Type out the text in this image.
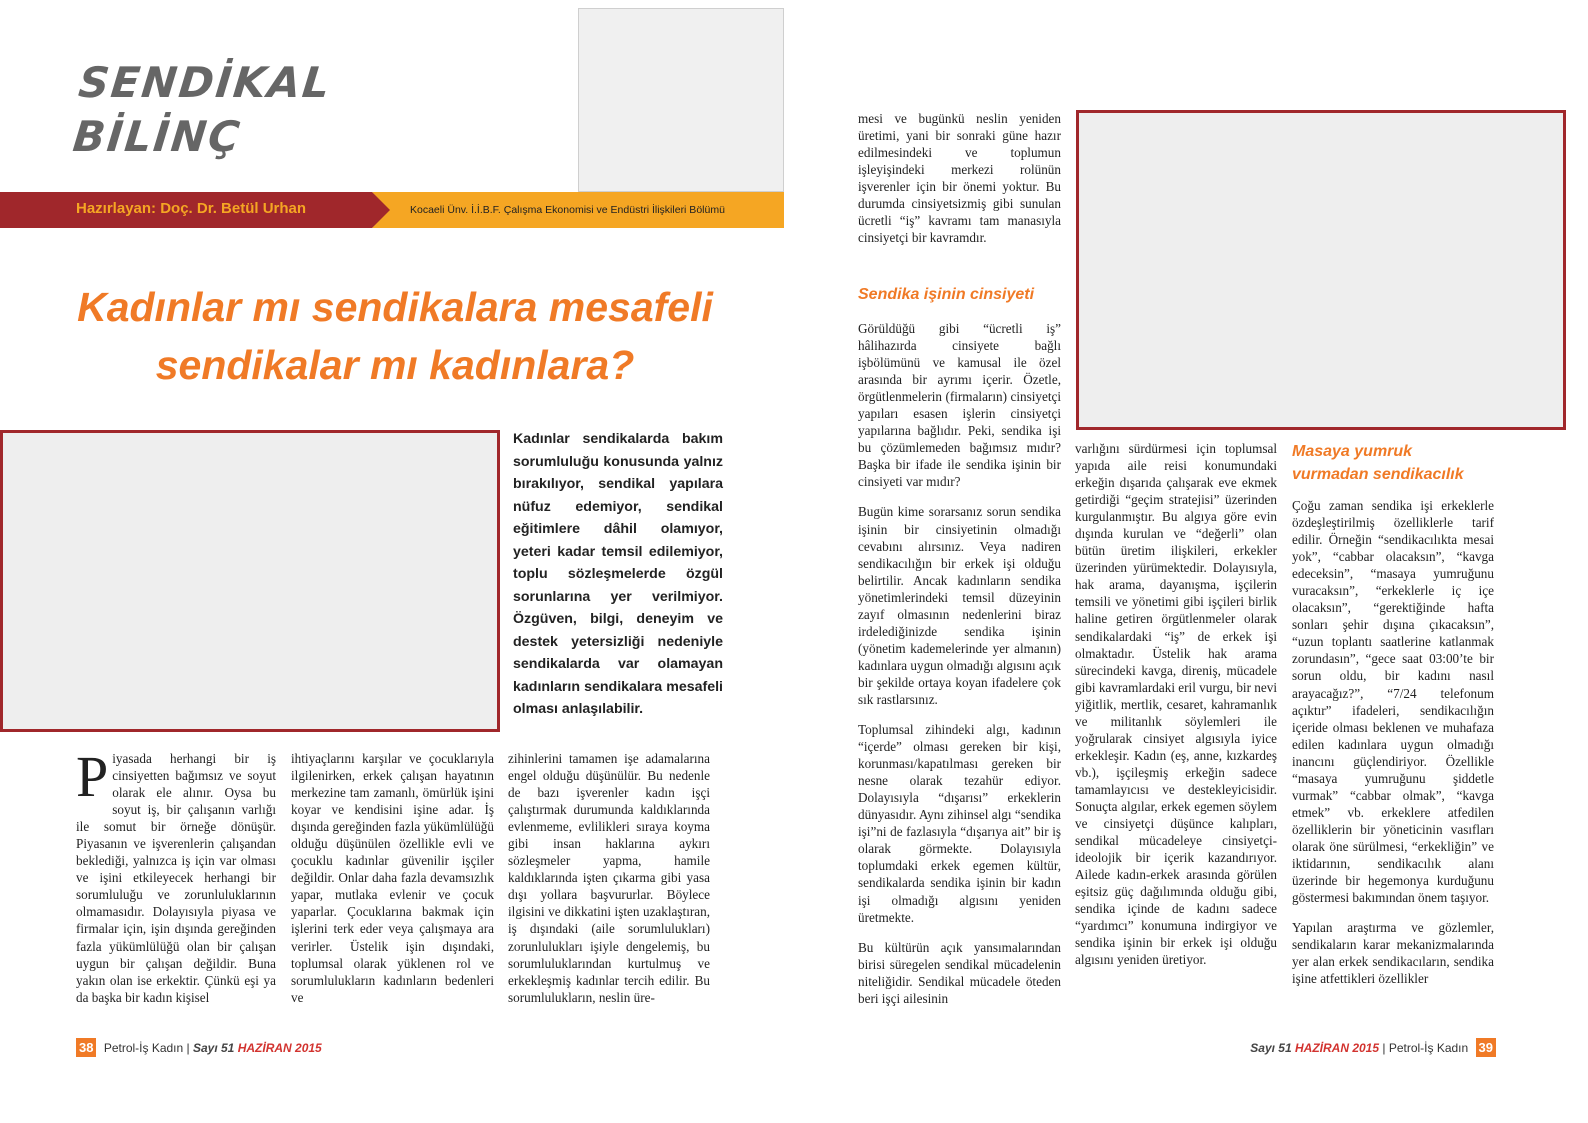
SENDİKAL
BİLİNÇ
Hazırlayan: Doç. Dr. Betül Urhan	Kocaeli Ünv. İ.İ.B.F. Çalışma Ekonomisi ve Endüstri İlişkileri Bölümü
Kadınlar mı sendikalara mesafeli
sendikalar mı kadınlara?
Kadınlar sendikalarda bakım sorumluluğu konusunda yalnız bırakılıyor, sendikal yapılara nüfuz edemiyor, sendikal eğitimlere dâhil olamıyor, yeteri kadar temsil edilemiyor, toplu sözleşmelerde özgül sorunlarına yer verilmiyor. Özgüven, bilgi, deneyim ve destek yetersizliği nedeniyle sendikalarda var olamayan kadınların sendikalara mesafeli olması anlaşılabilir.
Piyasada herhangi bir iş cinsiyetten bağımsız ve soyut olarak ele alınır. Oysa bu soyut iş, bir çalışanın varlığı ile somut bir örneğe dönüşür. Piyasanın ve işverenlerin çalışandan beklediği, yalnızca iş için var olması ve işini etkileyecek herhangi bir sorumluluğu ve zorunluluklarının olmamasıdır. Dolayısıyla piyasa ve firmalar için, işin dışında gereğinden fazla yükümlülüğü olan bir çalışan uygun bir çalışan değildir. Buna yakın olan ise erkektir. Çünkü eşi ya da başka bir kadın kişisel
ihtiyaçlarını karşılar ve çocuklarıyla ilgilenirken, erkek çalışan hayatının merkezine tam zamanlı, ömürlük işini koyar ve kendisini işine adar. İş dışında gereğinden fazla yükümlülüğü olduğu düşünülen özellikle evli ve çocuklu kadınlar güvenilir işçiler değildir. Onlar daha fazla devamsızlık yapar, mutlaka evlenir ve çocuk yaparlar. Çocuklarına bakmak için işlerini terk eder veya çalışmaya ara verirler. Üstelik işin dışındaki, toplumsal olarak yüklenen rol ve sorumlulukların kadınların bedenleri ve
zihinlerini tamamen işe adamalarına engel olduğu düşünülür. Bu nedenle de bazı işverenler kadın işçi çalıştırmak durumunda kaldıklarında evlenmeme, evlilikleri sıraya koyma gibi insan haklarına aykırı sözleşmeler yapma, hamile kaldıklarında işten çıkarma gibi yasa dışı yollara başvururlar. Böylece ilgisini ve dikkatini işten uzaklaştıran, iş dışındaki (aile sorumlulukları) zorunlulukları işiyle dengelemiş, bu sorumluluklarından kurtulmuş ve erkekleşmiş kadınlar tercih edilir. Bu sorumlulukların, neslin üre-
38 Petrol-İş Kadın | Sayı 51 HAZİRAN 2015

mesi ve bugünkü neslin yeniden üretimi, yani bir sonraki güne hazır edilmesindeki ve toplumun işleyişindeki merkezi rolünün işverenler için bir önemi yoktur. Bu durumda cinsiyetsizmiş gibi sunulan ücretli “iş” kavramı tam manasıyla cinsiyetçi bir kavramdır.

Sendika işinin cinsiyeti

Görüldüğü gibi “ücretli iş” hâlihazırda cinsiyete bağlı işbölümünü ve kamusal ile özel arasında bir ayrımı içerir. Özetle, örgütlenmelerin (firmaların) cinsiyetçi yapıları esasen işlerin cinsiyetçi yapılarına bağlıdır. Peki, sendika işi bu çözümlemeden bağımsız mıdır? Başka bir ifade ile sendika işinin bir cinsiyeti var mıdır?

Bugün kime sorarsanız sorun sendika işinin bir cinsiyetinin olmadığı cevabını alırsınız. Veya nadiren sendikacılığın bir erkek işi olduğu belirtilir. Ancak kadınların sendika yönetimlerindeki temsil düzeyinin zayıf olmasının nedenlerini biraz irdelediğinizde sendika işinin (yönetim kademelerinde yer almanın) kadınlara uygun olmadığı algısını açık bir şekilde ortaya koyan ifadelere çok sık rastlarsınız.

Toplumsal zihindeki algı, kadının “içerde” olması gereken bir kişi, korunması/kapatılması gereken bir nesne olarak tezahür ediyor. Dolayısıyla “dışarısı” erkeklerin dünyasıdır. Aynı zihinsel algı “sendika işi”ni de fazlasıyla “dışarıya ait” bir iş olarak görmekte. Dolayısıyla toplumdaki erkek egemen kültür, sendikalarda sendika işinin bir kadın işi olmadığı algısını yeniden üretmekte.

Bu kültürün açık yansımalarından birisi süregelen sendikal mücadelenin niteliğidir. Sendikal mücadele öteden beri işçi ailesinin

varlığını sürdürmesi için toplumsal yapıda aile reisi konumundaki erkeğin dışarıda çalışarak eve ekmek getirdiği “geçim stratejisi” üzerinden kurgulanmıştır. Bu algıya göre evin dışında kurulan ve “değerli” olan bütün üretim ilişkileri, erkekler üzerinden yürümektedir. Dolayısıyla, hak arama, dayanışma, işçilerin temsili ve yönetimi gibi işçileri birlik haline getiren örgütlenmeler olarak sendikalardaki “iş” de erkek işi olmaktadır. Üstelik hak arama sürecindeki kavga, direniş, mücadele gibi kavramlardaki eril vurgu, bir nevi yiğitlik, mertlik, cesaret, kahramanlık ve militanlık söylemleri ile yoğrularak cinsiyet algısıyla iyice erkekleşir. Kadın (eş, anne, kızkardeş vb.), işçileşmiş erkeğin sadece tamamlayıcısı ve destekleyicisidir. Sonuçta algılar, erkek egemen söylem ve cinsiyetçi düşünce kalıpları, sendikal mücadeleye cinsiyetçi-ideolojik bir içerik kazandırıyor. Ailede kadın-erkek arasında görülen eşitsiz güç dağılımında olduğu gibi, sendika içinde de kadını sadece “yardımcı” konumuna indirgiyor ve sendika işinin bir erkek işi olduğu algısını yeniden üretiyor.
Masaya yumruk
vurmadan sendikacılık

Çoğu zaman sendika işi erkeklerle özdeşleştirilmiş özelliklerle tarif edilir. Örneğin “sendikacılıkta mesai yok”, “cabbar olacaksın”, “kavga edeceksin”, “masaya yumruğunu vuracaksın”, “erkeklerle iç içe olacaksın”, “gerektiğinde hafta sonları şehir dışına çıkacaksın”, “uzun toplantı saatlerine katlanmak zorundasın”, “gece saat 03:00’te bir sorun oldu, bir kadını nasıl arayacağız?”, “7/24 telefonum açıktır” ifadeleri, sendikacılığın içeride olması beklenen ve muhafaza edilen kadınlara uygun olmadığı inancını güçlendiriyor. Özellikle “masaya yumruğunu şiddetle vurmak” “cabbar olmak”, “kavga etmek” vb. erkeklere atfedilen özelliklerin bir yöneticinin vasıfları olarak öne sürülmesi, “erkekliğin” ve iktidarının, sendikacılık alanı üzerinde bir hegemonya kurduğunu göstermesi bakımından önem taşıyor.

Yapılan araştırma ve gözlemler, sendikaların karar mekanizmalarında yer alan erkek sendikacıların, sendika işine atfettikleri özellikler

Sayı 51 HAZİRAN 2015 | Petrol-İş Kadın 39
